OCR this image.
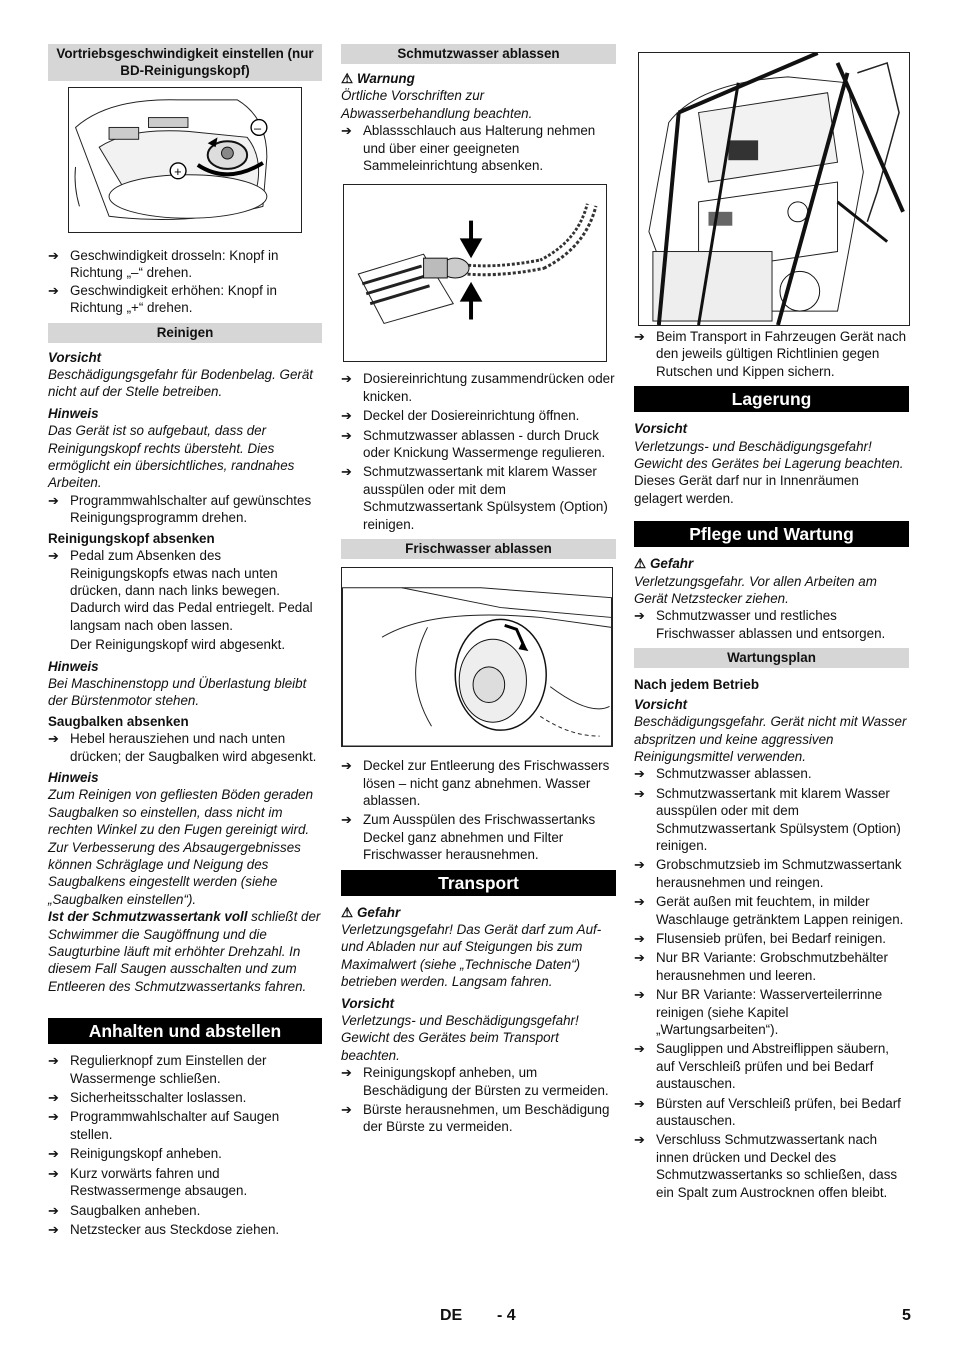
Vortriebsgeschwindigkeit einstellen (nur BD-Reinigungskopf)
+
–
➔ Geschwindigkeit drosseln: Knopf in Richtung „–“ drehen.
➔ Geschwindigkeit erhöhen: Knopf in Richtung „+“ drehen.
Reinigen
Vorsicht

Beschädigungsgefahr für Bodenbelag. Gerät nicht auf der Stelle betreiben.

Hinweis

Das Gerät ist so aufgebaut, dass der Reinigungskopf rechts übersteht. Dies ermöglicht ein übersichtliches, randnahes Arbeiten.

➔ Programmwahlschalter auf gewünschtes Reinigungsprogramm drehen.
Reinigungskopf absenken
➔ Pedal zum Absenken des Reinigungskopfs etwas nach unten drücken, dann nach links bewegen. Dadurch wird das Pedal entriegelt. Pedal langsam nach oben lassen.

Der Reinigungskopf wird abgesenkt.

Hinweis

Bei Maschinenstopp und Überlastung bleibt der Bürstenmotor stehen.

Saugbalken absenken
➔ Hebel herausziehen und nach unten drücken; der Saugbalken wird abgesenkt.
Hinweis

Zum Reinigen von gefliesten Böden geraden Saugbalken so einstellen, dass nicht im rechten Winkel zu den Fugen gereinigt wird.

Zur Verbesserung des Absaugergebnisses können Schräglage und Neigung des Saugbalkens eingestellt werden (siehe „Saugbalken einstellen“).

Ist der Schmutzwassertank voll schließt der Schwimmer die Saugöffnung und die Saugturbine läuft mit erhöhter Drehzahl. In diesem Fall Saugen ausschalten und zum Entleeren des Schmutzwassertanks fahren.

Anhalten und abstellen
➔ Regulierknopf zum Einstellen der Wassermenge schließen.
➔ Sicherheitsschalter loslassen.
➔ Programmwahlschalter auf Saugen stellen.
➔ Reinigungskopf anheben.
➔ Kurz vorwärts fahren und Restwassermenge absaugen.
➔ Saugbalken anheben.
➔ Netzstecker aus Steckdose ziehen.
Schmutzwasser ablassen
⚠ Warnung

Örtliche Vorschriften zur Abwasserbehandlung beachten.

➔ Ablassschlauch aus Halterung nehmen und über einer geeigneten Sammeleinrichtung absenken.
➔ Dosiereinrichtung zusammendrücken oder knicken.
➔ Deckel der Dosiereinrichtung öffnen.
➔ Schmutzwasser ablassen - durch Druck oder Knickung Wassermenge regulieren.
➔ Schmutzwassertank mit klarem Wasser ausspülen oder mit dem Schmutzwassertank Spülsystem (Option) reinigen.
Frischwasser ablassen
➔ Deckel zur Entleerung des Frischwassers lösen – nicht ganz abnehmen. Wasser ablassen.
➔ Zum Ausspülen des Frischwassertanks Deckel ganz abnehmen und Filter Frischwasser herausnehmen.
Transport
⚠ Gefahr

Verletzungsgefahr! Das Gerät darf zum Auf- und Abladen nur auf Steigungen bis zum Maximalwert (siehe „Technische Daten“) betrieben werden. Langsam fahren.

Vorsicht

Verletzungs- und Beschädigungsgefahr! Gewicht des Gerätes beim Transport beachten.

➔ Reinigungskopf anheben, um Beschädigung der Bürsten zu vermeiden.
➔ Bürste herausnehmen, um Beschädigung der Bürste zu vermeiden.
➔ Beim Transport in Fahrzeugen Gerät nach den jeweils gültigen Richtlinien gegen Rutschen und Kippen sichern.
Lagerung
Vorsicht

Verletzungs- und Beschädigungsgefahr! Gewicht des Gerätes bei Lagerung beachten.

Dieses Gerät darf nur in Innenräumen gelagert werden.

Pflege und Wartung
⚠ Gefahr

Verletzungsgefahr. Vor allen Arbeiten am Gerät Netzstecker ziehen.

➔ Schmutzwasser und restliches Frischwasser ablassen und entsorgen.
Wartungsplan
Nach jedem Betrieb
Vorsicht

Beschädigungsgefahr. Gerät nicht mit Wasser abspritzen und keine aggressiven Reinigungsmittel verwenden.

➔ Schmutzwasser ablassen.
➔ Schmutzwassertank mit klarem Wasser ausspülen oder mit dem Schmutzwassertank Spülsystem (Option) reinigen.
➔ Grobschmutzsieb im Schmutzwassertank herausnehmen und reingen.
➔ Gerät außen mit feuchtem, in milder Waschlauge getränktem Lappen reinigen.
➔ Flusensieb prüfen, bei Bedarf reinigen.
➔ Nur BR Variante: Grobschmutzbehälter herausnehmen und leeren.
➔ Nur BR Variante: Wasserverteilerrinne reinigen (siehe Kapitel „Wartungsarbeiten“).
➔ Sauglippen und Abstreiflippen säubern, auf Verschleiß prüfen und bei Bedarf austauschen.
➔ Bürsten auf Verschleiß prüfen, bei Bedarf austauschen.
➔ Verschluss Schmutzwassertank nach innen drücken und Deckel des Schmutzwassertanks so schließen, dass ein Spalt zum Austrocknen offen bleibt.
DE - 4	5
